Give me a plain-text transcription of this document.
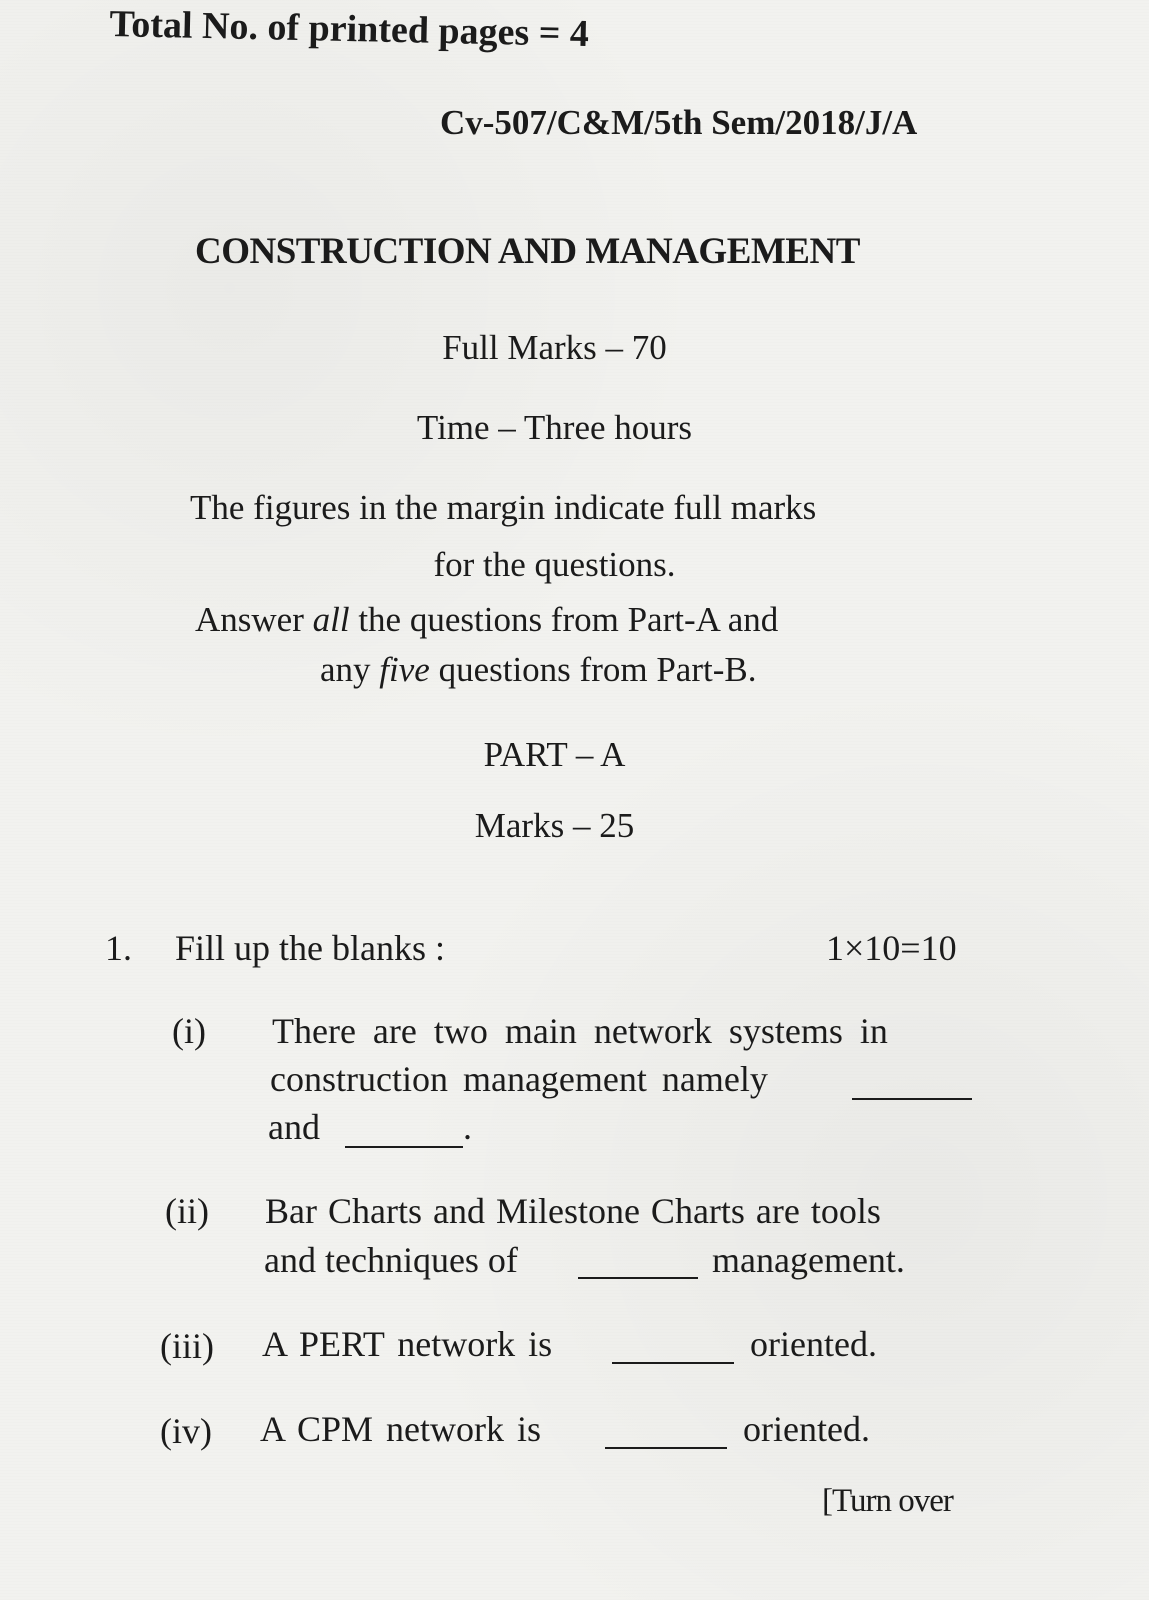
Total No. of printed pages = 4
Cv-507/C&M/5th Sem/2018/J/A
CONSTRUCTION AND MANAGEMENT
Full Marks – 70
Time – Three hours
The figures in the margin indicate full marks
for the questions.
Answer all the questions from Part-A and
any five questions from Part-B.
PART – A
Marks – 25
1. Fill up the blanks :	1×10=10
(i) There are two main network systems in
construction management namely
and	.
(ii) Bar Charts and Milestone Charts are tools
and techniques of	management.
(iii) A PERT network is	oriented.
(iv) A CPM network is	oriented.
[Turn over
